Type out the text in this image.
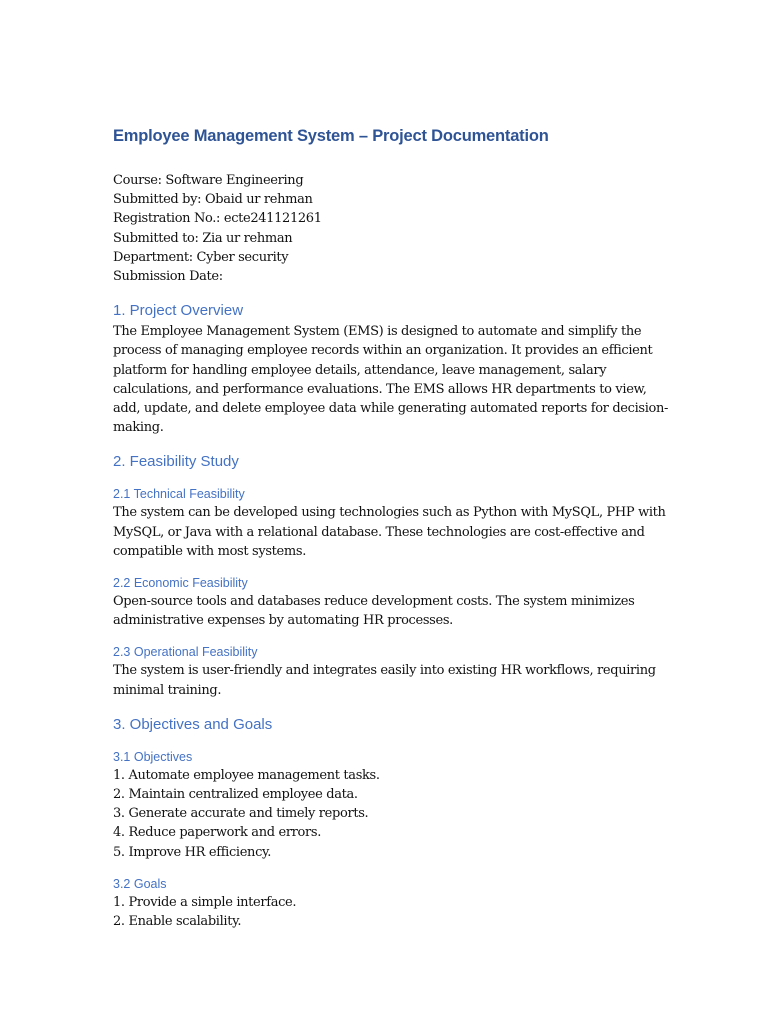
Employee Management System – Project Documentation

Course: Software Engineering

Submitted by: Obaid ur rehman

Registration No.: ecte241121261

Submitted to: Zia ur rehman

Department: Cyber security

Submission Date:

1. Project Overview

The Employee Management System (EMS) is designed to automate and simplify the process of managing employee records within an organization. It provides an efficient platform for handling employee details, attendance, leave management, salary calculations, and performance evaluations. The EMS allows HR departments to view, add, update, and delete employee data while generating automated reports for decision-making.

2. Feasibility Study
2.1 Technical Feasibility

The system can be developed using technologies such as Python with MySQL, PHP with MySQL, or Java with a relational database. These technologies are cost-effective and compatible with most systems.

2.2 Economic Feasibility

Open-source tools and databases reduce development costs. The system minimizes administrative expenses by automating HR processes.

2.3 Operational Feasibility

The system is user-friendly and integrates easily into existing HR workflows, requiring minimal training.

3. Objectives and Goals
3.1 Objectives

1. Automate employee management tasks.

2. Maintain centralized employee data.

3. Generate accurate and timely reports.

4. Reduce paperwork and errors.

5. Improve HR efficiency.

3.2 Goals

1. Provide a simple interface.

2. Enable scalability.
